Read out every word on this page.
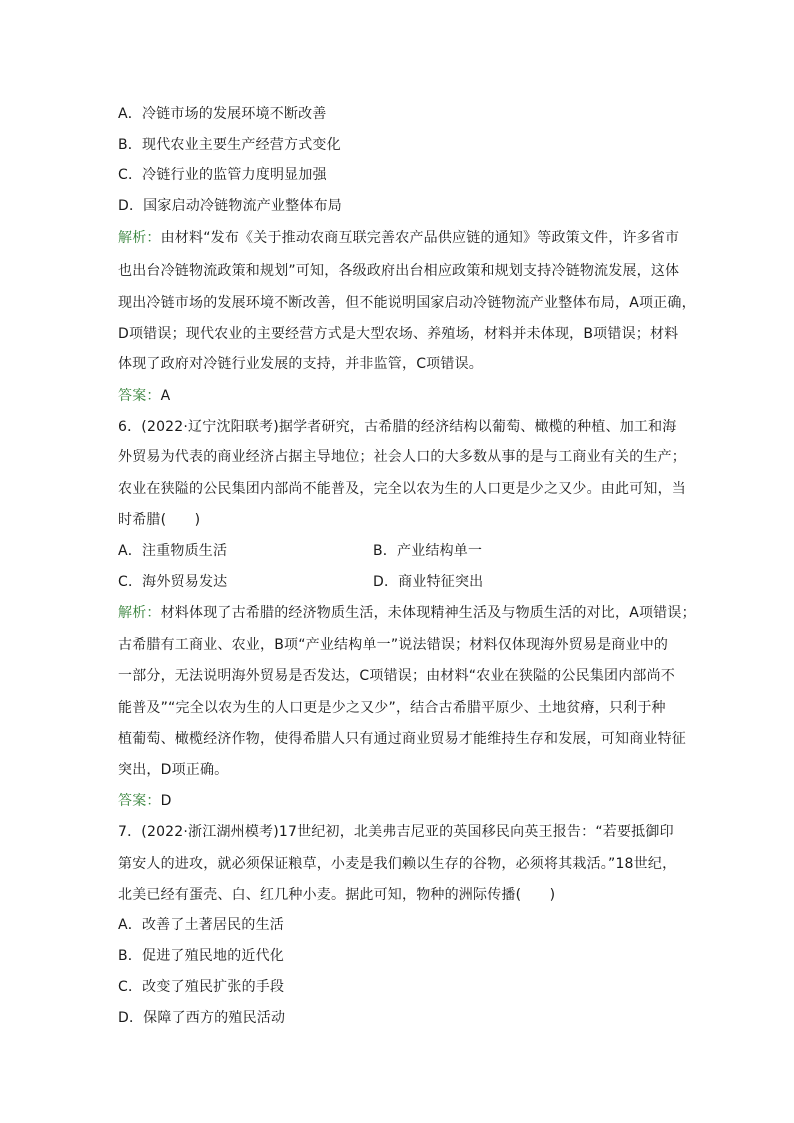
A．冷链市场的发展环境不断改善
B．现代农业主要生产经营方式变化
C．冷链行业的监管力度明显加强
D．国家启动冷链物流产业整体布局
解析：由材料“发布《关于推动农商互联完善农产品供应链的通知》等政策文件，许多省市
也出台冷链物流政策和规划”可知，各级政府出台相应政策和规划支持冷链物流发展，这体
现出冷链市场的发展环境不断改善，但不能说明国家启动冷链物流产业整体布局，A项正确，
D项错误；现代农业的主要经营方式是大型农场、养殖场，材料并未体现，B项错误；材料
体现了政府对冷链行业发展的支持，并非监管，C项错误。
答案：A
6．(2022·辽宁沈阳联考)据学者研究，古希腊的经济结构以葡萄、橄榄的种植、加工和海
外贸易为代表的商业经济占据主导地位；社会人口的大多数从事的是与工商业有关的生产；
农业在狭隘的公民集团内部尚不能普及，完全以农为生的人口更是少之又少。由此可知，当
时希腊(　　)
A．注重物质生活	B．产业结构单一
C．海外贸易发达	D．商业特征突出
解析：材料体现了古希腊的经济物质生活，未体现精神生活及与物质生活的对比，A项错误；
古希腊有工商业、农业，B项“产业结构单一”说法错误；材料仅体现海外贸易是商业中的
一部分，无法说明海外贸易是否发达，C项错误；由材料“农业在狭隘的公民集团内部尚不
能普及”“完全以农为生的人口更是少之又少”，结合古希腊平原少、土地贫瘠，只利于种
植葡萄、橄榄经济作物，使得希腊人只有通过商业贸易才能维持生存和发展，可知商业特征
突出，D项正确。
答案：D
7．(2022·浙江湖州模考)17世纪初，北美弗吉尼亚的英国移民向英王报告：“若要抵御印
第安人的进攻，就必须保证粮草，小麦是我们赖以生存的谷物，必须将其栽活。”18世纪，
北美已经有蛋壳、白、红几种小麦。据此可知，物种的洲际传播(　　)
A．改善了土著居民的生活
B．促进了殖民地的近代化
C．改变了殖民扩张的手段
D．保障了西方的殖民活动
